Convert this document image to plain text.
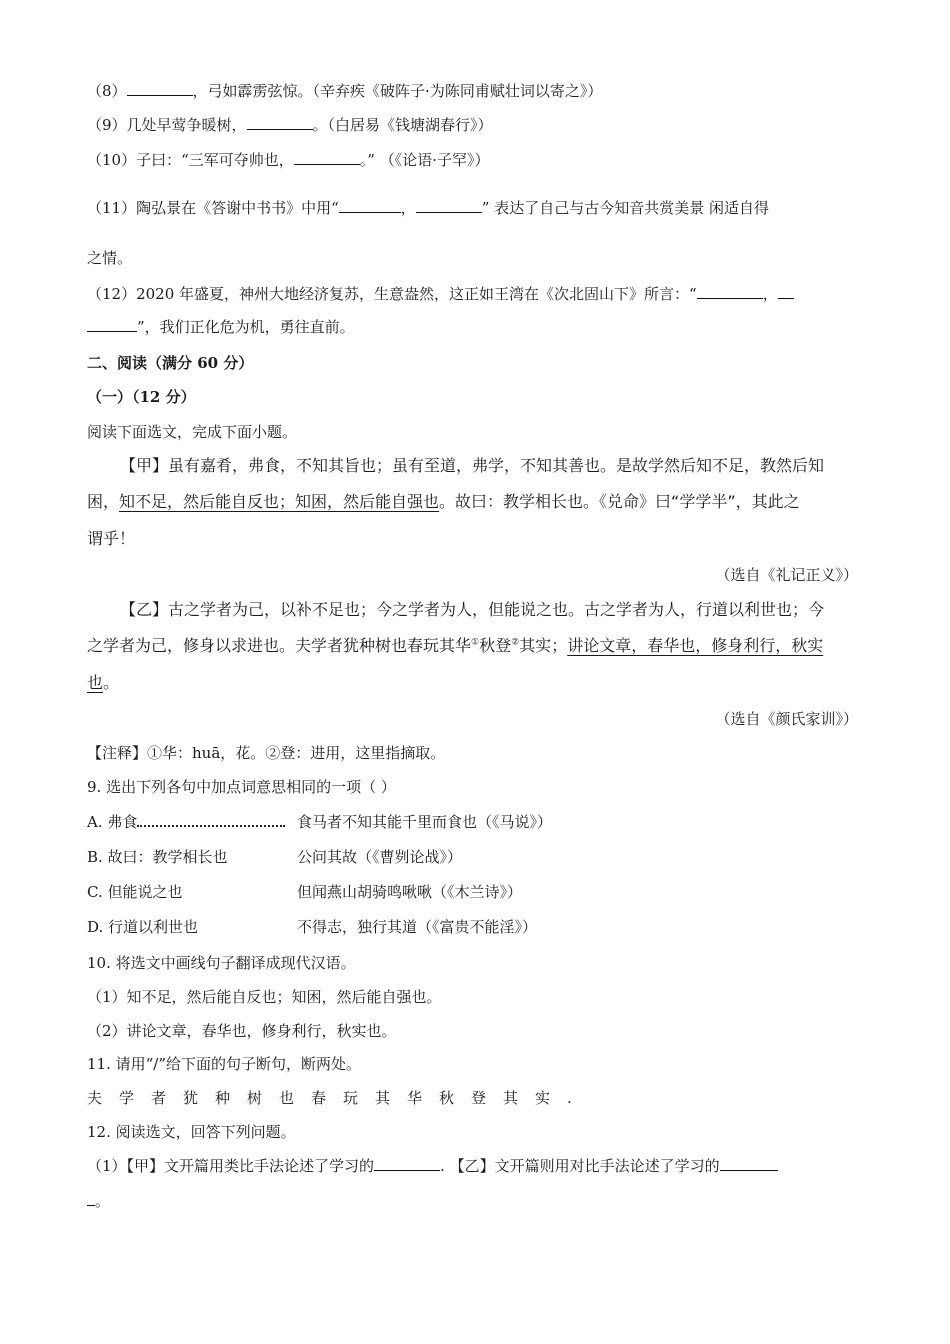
（8）	，弓如霹雳弦惊。（辛弃疾《破阵子·为陈同甫赋壮词以寄之》）
（9）几处早莺争暖树，	。（白居易《钱塘湖春行》）
（10）子曰：“三军可夺帅也，	。” （《论语·子罕》）
（11）陶弘景在《答谢中书书》中用“	，	” 表达了自己与古今知音共赏美景 闲适自得
之情。
（12）2020 年盛夏，神州大地经济复苏，生意盎然，这正如王湾在《次北固山下》所言：“	，
”，我们正化危为机，勇往直前。
二、阅读（满分 60 分）
（一）（12 分）
阅读下面选文，完成下面小题。
【甲】虽有嘉肴，弗食，不知其旨也；虽有至道，弗学，不知其善也。是故学然后知不足，教然后知
困，知不足，然后能自反也；知困，然后能自强也。故曰：教学相长也。《兑命》曰“学学半”，其此之
谓乎！
（选自《礼记正义》）
【乙】古之学者为己，以补不足也；今之学者为人，但能说之也。古之学者为人，行道以利世也；今
之学者为己，修身以求进也。夫学者犹种树也春玩其华①秋登②其实；讲论文章，春华也，修身利行，秋实
也。
（选自《颜氏家训》）
【注释】①华：huā，花。②登：进用，这里指摘取。
9. 选出下列各句中加点词意思相同的一项（ ）
A. 弗食	食马者不知其能千里而食也（《马说》）
B. 故曰：教学相长也	公问其故（《曹刿论战》）
C. 但能说之也	但闻燕山胡骑鸣啾啾（《木兰诗》）
D. 行道以利世也	不得志，独行其道（《富贵不能淫》）
10. 将选文中画线句子翻译成现代汉语。
（1）知不足，然后能自反也；知困，然后能自强也。
（2）讲论文章，春华也，修身利行，秋实也。
11. 请用“/”给下面的句子断句，断两处。
夫学者犹种树也春玩其华秋登其实.
12. 阅读选文，回答下列问题。
（1）【甲】文开篇用类比手法论述了学习的	. 【乙】文开篇则用对比手法论述了学习的
。
